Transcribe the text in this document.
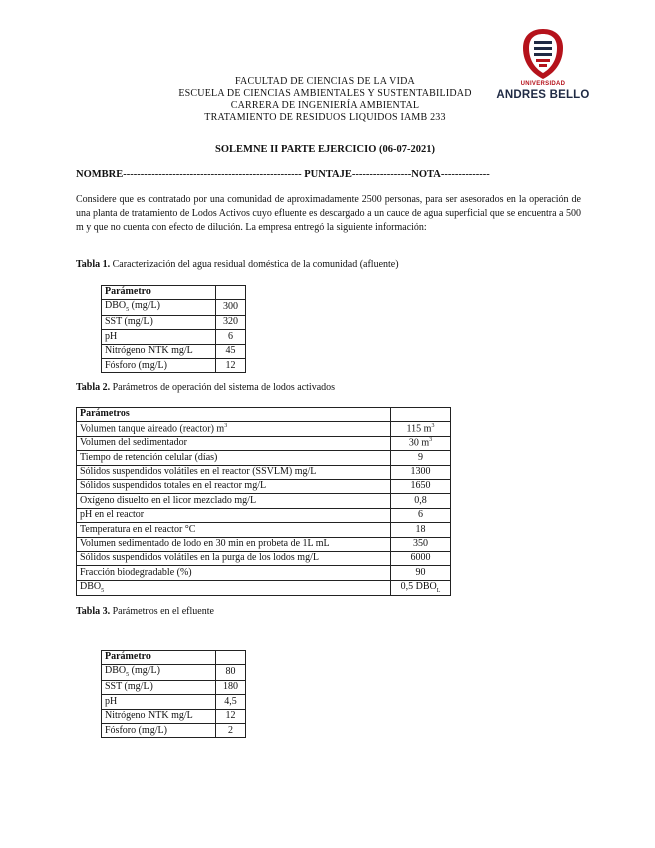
UNIVERSIDAD
ANDRES BELLO
FACULTAD DE CIENCIAS DE LA VIDA
ESCUELA DE CIENCIAS AMBIENTALES Y SUSTENTABILIDAD
CARRERA DE INGENIERÍA AMBIENTAL
TRATAMIENTO DE RESIDUOS LIQUIDOS IAMB 233
SOLEMNE II PARTE EJERCICIO (06-07-2021)
NOMBRE--------------------------------------------------- PUNTAJE-----------------NOTA--------------

Considere que es contratado por una comunidad de aproximadamente 2500 personas, para ser asesorados en la operación de una planta de tratamiento de Lodos Activos cuyo efluente es descargado a un cauce de agua superficial que se encuentra a 500 m y que no cuenta con efecto de dilución. La empresa entregó la siguiente información:

Tabla 1. Caracterización del agua residual doméstica de la comunidad (afluente)
Parámetro	
$DBO_5$ (mg/L)	300
SST (mg/L)	320
pH	6
Nitrógeno NTK mg/L	45
Fósforo (mg/L)	12
Tabla 2. Parámetros de operación del sistema de lodos activados
Parámetros	
Volumen tanque aireado (reactor) $m^3$	115 $m^3$
Volumen del sedimentador	30 $m^3$
Tiempo de retención celular (días)	9
Sólidos suspendidos volátiles en el reactor (SSVLM) mg/L	1300
Sólidos suspendidos totales en el reactor mg/L	1650
Oxígeno disuelto en el licor mezclado mg/L	0,8
pH en el reactor	6
Temperatura en el reactor °C	18
Volumen sedimentado de lodo en 30 min en probeta de 1L mL	350
Sólidos suspendidos volátiles en la purga de los lodos mg/L	6000
Fracción biodegradable (%)	90
$DBO_5$	0,5 $DBO_L$
Tabla 3. Parámetros en el efluente
Parámetro	
$DBO_5$ (mg/L)	80
SST (mg/L)	180
pH	4,5
Nitrógeno NTK mg/L	12
Fósforo (mg/L)	2
